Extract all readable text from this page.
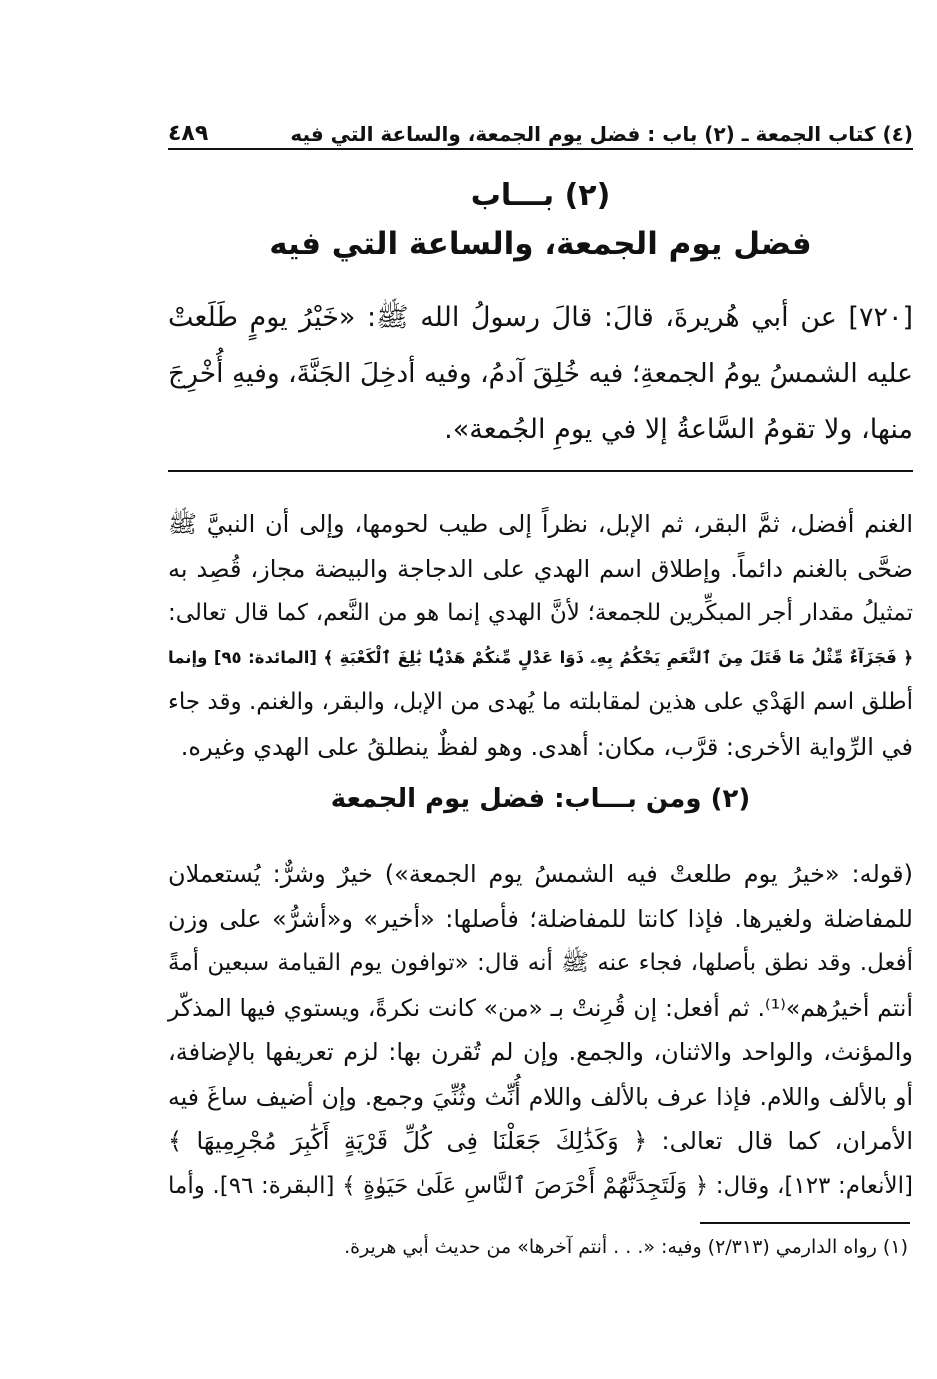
(٤) كتاب الجمعة ـ (٢) باب : فضل يوم الجمعة، والساعة التي فيه
٤٨٩
(٢) بـــاب
فضل يوم الجمعة، والساعة التي فيه
[٧٢٠] عن أبي هُريرةَ، قالَ: قالَ رسولُ الله ﷺ: «خَيْرُ يومٍ طَلَعتْ
عليه الشمسُ يومُ الجمعةِ؛ فيه خُلِقَ آدمُ، وفيه أدخِلَ الجَنَّةَ، وفيهِ أُخْرِجَ
منها، ولا تقومُ السَّاعةُ إلا في يومِ الجُمعة».
الغنم أفضل، ثمَّ البقر، ثم الإبل، نظراً إلى طيب لحومها، وإلى أن النبيَّ ﷺ
ضحَّى بالغنم دائماً. وإطلاق اسم الهدي على الدجاجة والبيضة مجاز، قُصِد به
تمثيلُ مقدار أجر المبكِّرين للجمعة؛ لأنَّ الهدي إنما هو من النَّعم، كما قال تعالى:
﴿ فَجَزَآءٌ مِّثْلُ مَا قَتَلَ مِنَ ٱلنَّعَمِ يَحْكُمُ بِهِۦ ذَوَا عَدْلٍ مِّنكُمْ هَدْيًۢا بَٰلِغَ ٱلْكَعْبَةِ ﴾ [المائدة: ٩٥] وإنما
أطلق اسم الهَدْي على هذين لمقابلته ما يُهدى من الإبل، والبقر، والغنم. وقد جاء
في الرِّواية الأخرى: قرَّب، مكان: أهدى. وهو لفظٌ ينطلقُ على الهدي وغيره.
(٢) ومن بـــاب: فضل يوم الجمعة
(قوله: «خيرُ يوم طلعتْ فيه الشمسُ يوم الجمعة») خيرٌ وشرٌّ: يُستعملان
للمفاضلة ولغيرها. فإذا كانتا للمفاضلة؛ فأصلها: «أخير» و«أشرُّ» على وزن
أفعل. وقد نطق بأصلها، فجاء عنه ﷺ أنه قال: «توافون يوم القيامة سبعين أمةً
أنتم أخيرُهم»⁽¹⁾. ثم أفعل: إن قُرِنتْ بـ «من» كانت نكرةً، ويستوي فيها المذكّر
والمؤنث، والواحد والاثنان، والجمع. وإن لم تُقرن بها: لزم تعريفها بالإضافة،
أو بالألف واللام. فإذا عرف بالألف واللام أُنِّث وثُنِّيَ وجمع. وإن أضيف ساغَ فيه
الأمران، كما قال تعالى: ﴿ وَكَذَٰلِكَ جَعَلْنَا فِى كُلِّ قَرْيَةٍ أَكَٰبِرَ مُجْرِمِيهَا ﴾
[الأنعام: ١٢٣]، وقال: ﴿ وَلَتَجِدَنَّهُمْ أَحْرَصَ ٱلنَّاسِ عَلَىٰ حَيَوٰةٍ ﴾ [البقرة: ٩٦]. وأما
(١) رواه الدارمي (٢/٣١٣) وفيه: «. . . أنتم آخرها» من حديث أبي هريرة.
